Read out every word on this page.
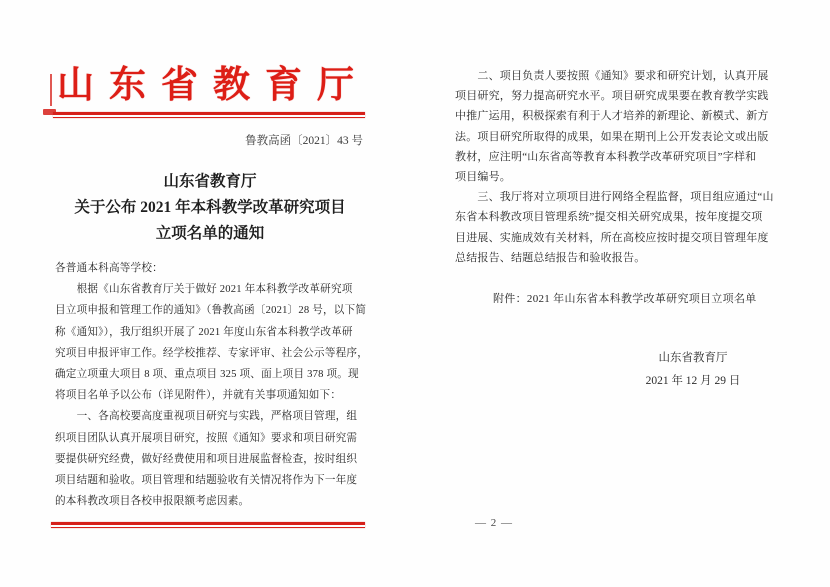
山东省教育厅
鲁教高函〔2021〕43 号
山东省教育厅
关于公布 2021 年本科教学改革研究项目
立项名单的通知
各普通本科高等学校：
　　根据《山东省教育厅关于做好 2021 年本科教学改革研究项
目立项申报和管理工作的通知》（鲁教高函〔2021〕28 号，以下简
称《通知》），我厅组织开展了 2021 年度山东省本科教学改革研
究项目申报评审工作。经学校推荐、专家评审、社会公示等程序，
确定立项重大项目 8 项、重点项目 325 项、面上项目 378 项。现
将项目名单予以公布（详见附件），并就有关事项通知如下：
　　一、各高校要高度重视项目研究与实践，严格项目管理，组
织项目团队认真开展项目研究，按照《通知》要求和项目研究需
要提供研究经费，做好经费使用和项目进展监督检查，按时组织
项目结题和验收。项目管理和结题验收有关情况将作为下一年度
的本科教改项目各校申报限额考虑因素。
　　二、项目负责人要按照《通知》要求和研究计划，认真开展
项目研究，努力提高研究水平。项目研究成果要在教育教学实践
中推广运用，积极探索有利于人才培养的新理论、新模式、新方
法。项目研究所取得的成果，如果在期刊上公开发表论文或出版
教材，应注明“山东省高等教育本科教学改革研究项目”字样和
项目编号。
　　三、我厅将对立项项目进行网络全程监督，项目组应通过“山
东省本科教改项目管理系统”提交相关研究成果，按年度提交项
目进展、实施成效有关材料，所在高校应按时提交项目管理年度
总结报告、结题总结报告和验收报告。
附件：2021 年山东省本科教学改革研究项目立项名单
山东省教育厅
2021 年 12 月 29 日
— 2 —
